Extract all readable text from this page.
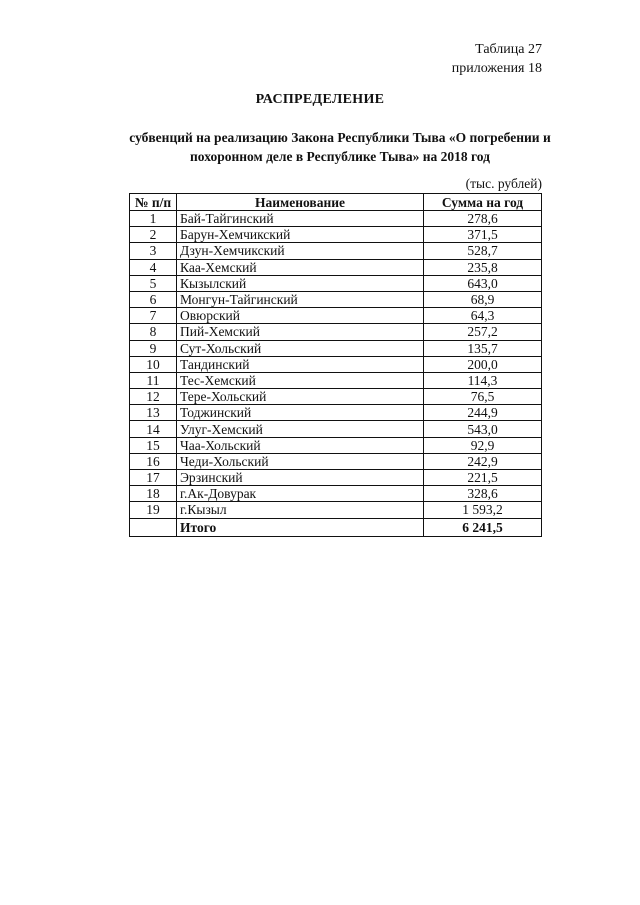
Таблица 27
приложения 18
РАСПРЕДЕЛЕНИЕ
субвенций на реализацию Закона Республики Тыва «О погребении и
похоронном деле в Республике Тыва» на 2018 год
(тыс. рублей)
№ п/п	Наименование	Сумма на год
1	Бай-Тайгинский	278,6
2	Барун-Хемчикский	371,5
3	Дзун-Хемчикский	528,7
4	Каа-Хемский	235,8
5	Кызылский	643,0
6	Монгун-Тайгинский	68,9
7	Овюрский	64,3
8	Пий-Хемский	257,2
9	Сут-Хольский	135,7
10	Тандинский	200,0
11	Тес-Хемский	114,3
12	Тере-Хольский	76,5
13	Тоджинский	244,9
14	Улуг-Хемский	543,0
15	Чаа-Хольский	92,9
16	Чеди-Хольский	242,9
17	Эрзинский	221,5
18	г.Ак-Довурак	328,6
19	г.Кызыл	1 593,2
	Итого	6 241,5
